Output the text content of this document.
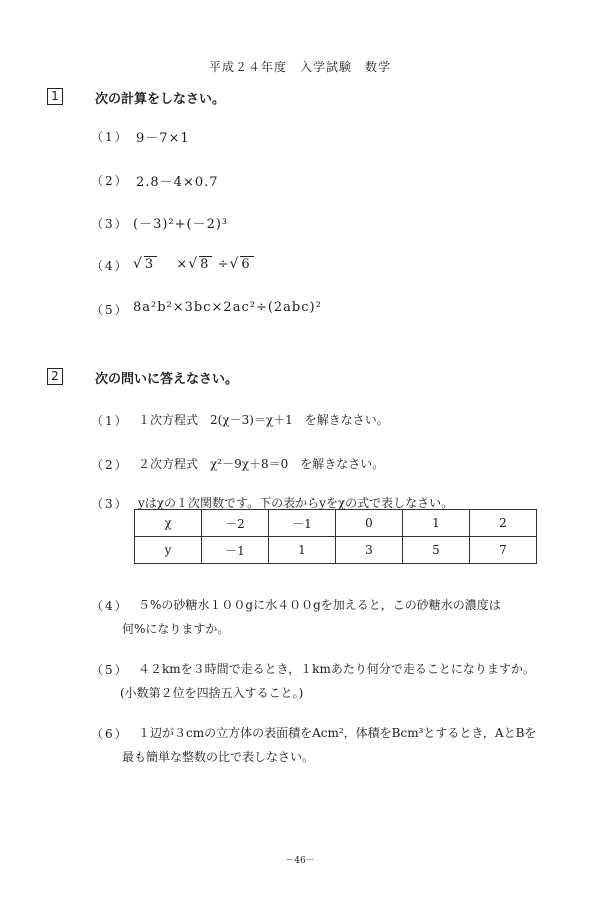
平成２４年度　入学試験　数学
1	次の計算をしなさい。
（1） 9－7×1
（2） 2.8－4×0.7
（3） (－3)²+(－2)³
（4） √ 3 ×√ 8 ÷√ 6
（5） 8a²b²×3bc×2ac²÷(2abc)²
2	次の問いに答えなさい。
（1） １次方程式　2(χ－3)＝χ＋1　を解きなさい。
（2） ２次方程式　χ²－9χ＋8＝0　を解きなさい。
（3） yはχの１次関数です。下の表からyをχの式で表しなさい。
χ	－2	－1	0	1	2
y	－1	1	3	5	7
（4） ５%の砂糖水１００gに水４００gを加えると，この砂糖水の濃度は
何%になりますか。
（5） ４２kmを３時間で走るとき，１kmあたり何分で走ることになりますか。
(小数第２位を四捨五入すること。)
（6） １辺が３cmの立方体の表面積をAcm²，体積をBcm³とするとき，AとBを
最も簡単な整数の比で表しなさい。
－46－
